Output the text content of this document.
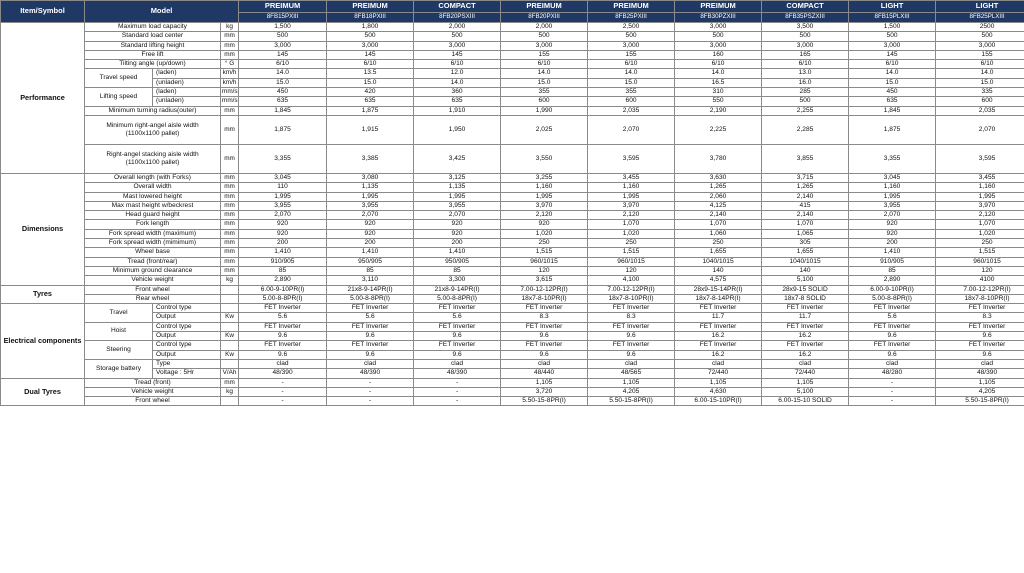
Item/Symbol	Model			PREIMUM	PREIMUM	COMPACT	PREIMUM	PREIMUM	PREIMUM	COMPACT	LIGHT	LIGHT
				8FB15PXIII	8FB18PXIII	8FB20PSXIII	8FB20PXIII	8FB25PXIII	8FB30PZXIII	8FB35PSZXIII	8FB15PLXIII	8FB25PLXIII
Performance	Maximum load capacity		kg	1,500	1,800	2,000	2,000	2,500	3,000	3,500	1,500	2500
	Standard load center		mm	500	500	500	500	500	500	500	500	500
	Standard lifting height		mm	3,000	3,000	3,000	3,000	3,000	3,000	3,000	3,000	3,000
	Free lift		mm	145	145	145	155	155	160	165	145	155
	Tilting angle (up/down)		° G	6/10	6/10	6/10	6/10	6/10	6/10	6/10	6/10	6/10
	Travel speed	(laden)	km/h	14.0	13.5	12.0	14.0	14.0	14.0	13.0	14.0	14.0
		(unladen)	km/h	15.0	15.0	14.0	15.0	15.0	16.5	16.0	15.0	15.0
	Lifting speed	(laden)	mm/s	450	420	360	355	355	310	285	450	335
		(unladen)	mm/s	635	635	635	600	600	550	500	635	600
	Minimum turning radius(outer)		mm	1,845	1,875	1,910	1,990	2,035	2,190	2,255	1,845	2,035

	Minimum right-angel aisle width
(1100x1100 pallet)		mm	1,875	1,915	1,950	2,025	2,070	2,225	2,285	1,875	2,070

	Right-angel stacking aisle width
(1100x1100 pallet)		mm	3,355	3,385	3,425	3,550	3,595	3,780	3,855	3,355	3,595
Dimensions	Overall length (with Forks)		mm	3,045	3,080	3,125	3,255	3,455	3,630	3,715	3,045	3,455
	Overall width		mm	110	1,135	1,135	1,160	1,160	1,265	1,265	1,160	1,160
	Mast lowered height		mm	1,995	1,995	1,995	1,995	1,995	2,060	2,140	1,995	1,995
	Max mast height w/beckrest		mm	3,955	3,955	3,955	3,970	3,970	4,125	415	3,955	3,970
	Head guard height		mm	2,070	2,070	2,070	2,120	2,120	2,140	2,140	2,070	2,120
	Fork length		mm	920	920	920	920	1,070	1,070	1,070	920	1,070
	Fork spread width (maximum)		mm	920	920	920	1,020	1,020	1,060	1,065	920	1,020
	Fork spread width (mimimum)		mm	200	200	200	250	250	250	305	200	250
	Wheel base		mm	1,410	1,410	1,410	1,515	1,515	1,655	1,655	1,410	1,515
	Tread (front/rear)		mm	910/905	950/905	950/905	960/1015	960/1015	1040/1015	1040/1015	910/905	960/1015
	Minimum ground clearance		mm	85	85	85	120	120	140	140	85	120
	Vehicle weight		kg	2,890	3,110	3,300	3,615	4,100	4,575	5,100	2,890	4100
Tyres	Front wheel			6.00-9-10PR(I)	21x8-9-14PR(I)	21x8-9-14PR(I)	7.00-12-12PR(I)	7.00-12-12PR(I)	28x9-15-14PR(I)	28x9-15 SOLID	6.00-9-10PR(I)	7.00-12-12PR(I)
	Rear wheel			5.00-8-8PR(I)	5.00-8-8PR(I)	5.00-8-8PR(I)	18x7-8-10PR(I)	18x7-8-10PR(I)	18x7-8-14PR(I)	18x7-8 SOLID	5.00-8-8PR(I)	18x7-8-10PR(I)
Electrical components	Travel	Control type		FET Inverter	FET Inverter	FET Inverter	FET Inverter	FET Inverter	FET Inverter	FET Inverter	FET Inverter	FET Inverter
		Output	Kw	5.6	5.6	5.6	8.3	8.3	11.7	11.7	5.6	8.3
	Hoist	Control type		FET Inverter	FET Inverter	FET Inverter	FET Inverter	FET Inverter	FET Inverter	FET Inverter	FET Inverter	FET Inverter
		Output	Kw	9.6	9.6	9.6	9.6	9.6	16.2	16.2	9.6	9.6
	Steering	Control type		FET Inverter	FET Inverter	FET Inverter	FET Inverter	FET Inverter	FET Inverter	FET Inverter	FET Inverter	FET Inverter
		Output	Kw	9.6	9.6	9.6	9.6	9.6	16.2	16.2	9.6	9.6
	Storage battery	Type		clad	clad	clad	clad	clad	clad	clad	clad	clad
		Voltage : 5Hr	V/Ah	48/390	48/390	48/390	48/440	48/565	72/440	72/440	48/280	48/390
Dual Tyres	Tread (front)		mm	-	-	-	1,105	1,105	1,105	1,105	-	1,105
	Vehicle weight		kg	-	-	-	3,720	4,205	4,630	5,100	-	4,205
	Front wheel			-	-	-	5.50-15-8PR(I)	5.50-15-8PR(I)	6.00-15-10PR(I)	6.00-15-10 SOLID	-	5.50-15-8PR(I)
